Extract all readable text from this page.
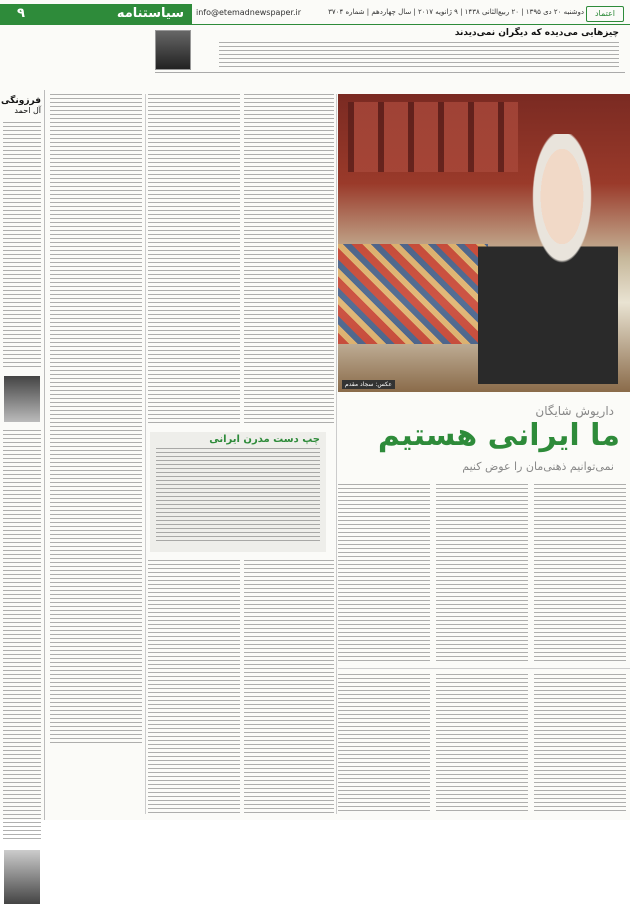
۹	سیاستنامه	info@etemadnewspaper.ir	دوشنبه ۲۰ دی ۱۳۹۵ | ۲۰ ربیع‌الثانی ۱۴۳۸ | ۹ ژانویه ۲۰۱۷ | سال چهاردهم | شماره ۳۷۰۴	اعتماد
چیزهایی می‌دیده که دیگران نمی‌دیدند
فرزونگی
آل احمد
چپ دست مدرن ایرانی
عکس: سجاد مقدم
داریوش شایگان
ما ایرانی هستیم
نمی‌توانیم ذهنی‌مان را عوض کنیم
